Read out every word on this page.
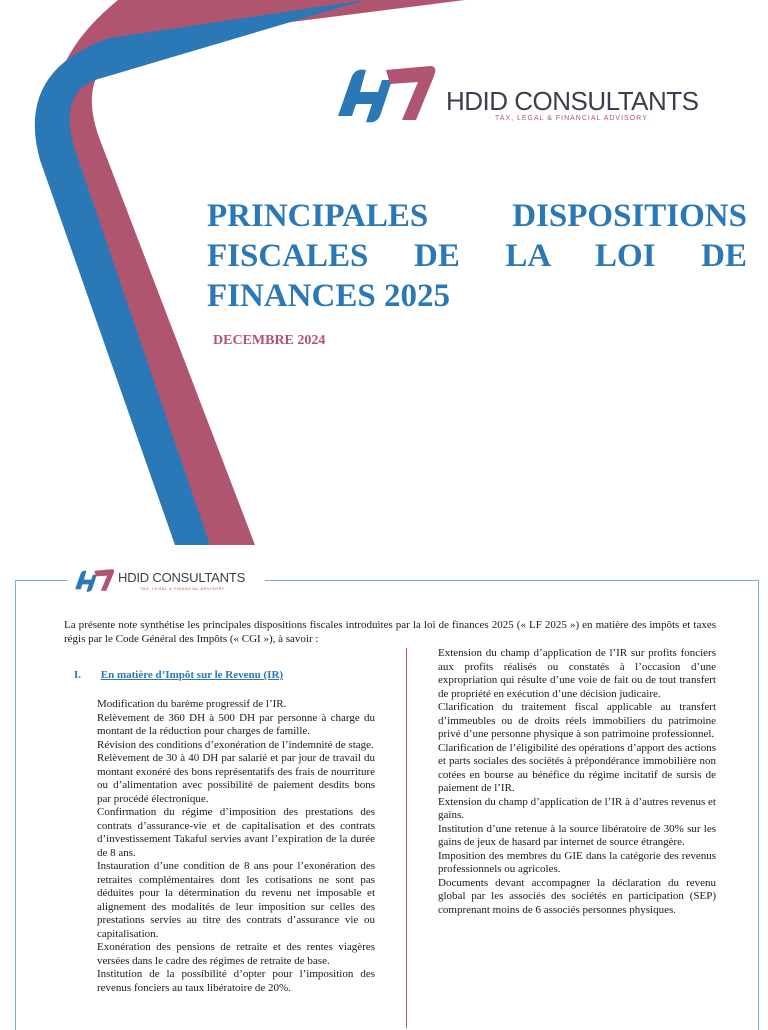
HDID CONSULTANTS
TAX, LEGAL & FINANCIAL ADVISORY
PRINCIPALES DISPOSITIONS FISCALES DE LA LOI DE FINANCES 2025
DECEMBRE 2024
HDID CONSULTANTS
TAX, LEGAL & FINANCIAL ADVISORY
La présente note synthétise les principales dispositions fiscales introduites par la loi de finances 2025 (« LF 2025 ») en matière des impôts et taxes régis par le Code Général des Impôts (« CGI »), à savoir :
I. En matière d’Impôt sur le Revenu (IR)

Modification du barème progressif de l’IR.

Relèvement de 360 DH à 500 DH par personne à charge du montant de la réduction pour charges de famille.

Révision des conditions d’exonération de l’indemnité de stage.

Relèvement de 30 à 40 DH par salarié et par jour de travail du montant exonéré des bons représentatifs des frais de nourriture ou d’alimentation avec possibilité de paiement desdits bons par procédé électronique.

Confirmation du régime d’imposition des prestations des contrats d’assurance-vie et de capitalisation et des contrats d’investissement Takaful servies avant l’expiration de la durée de 8 ans.

Instauration d’une condition de 8 ans pour l’exonération des retraites complémentaires dont les cotisations ne sont pas déduites pour la détermination du revenu net imposable et alignement des modalités de leur imposition sur celles des prestations servies au titre des contrats d’assurance vie ou capitalisation.

Exonération des pensions de retraite et des rentes viagères versées dans le cadre des régimes de retraite de base.

Institution de la possibilité d’opter pour l’imposition des revenus fonciers au taux libératoire de 20%.

Extension du champ d’application de l’IR sur profits fonciers aux profits réalisés ou constatés à l’occasion d’une expropriation qui résulte d’une voie de fait ou de tout transfert de propriété en exécution d’une décision judicaire.

Clarification du traitement fiscal applicable au transfert d’immeubles ou de droits réels immobiliers du patrimoine privé d’une personne physique à son patrimoine professionnel.

Clarification de l’éligibilité des opérations d’apport des actions et parts sociales des sociétés à prépondérance immobilière non cotées en bourse au bénéfice du régime incitatif de sursis de paiement de l’IR.

Extension du champ d’application de l’IR à d’autres revenus et gains.

Institution d’une retenue à la source libératoire de 30% sur les gains de jeux de hasard par internet de source étrangère.

Imposition des membres du GIE dans la catégorie des revenus professionnels ou agricoles.

Documents devant accompagner la déclaration du revenu global par les associés des sociétés en participation (SEP) comprenant moins de 6 associés personnes physiques.
